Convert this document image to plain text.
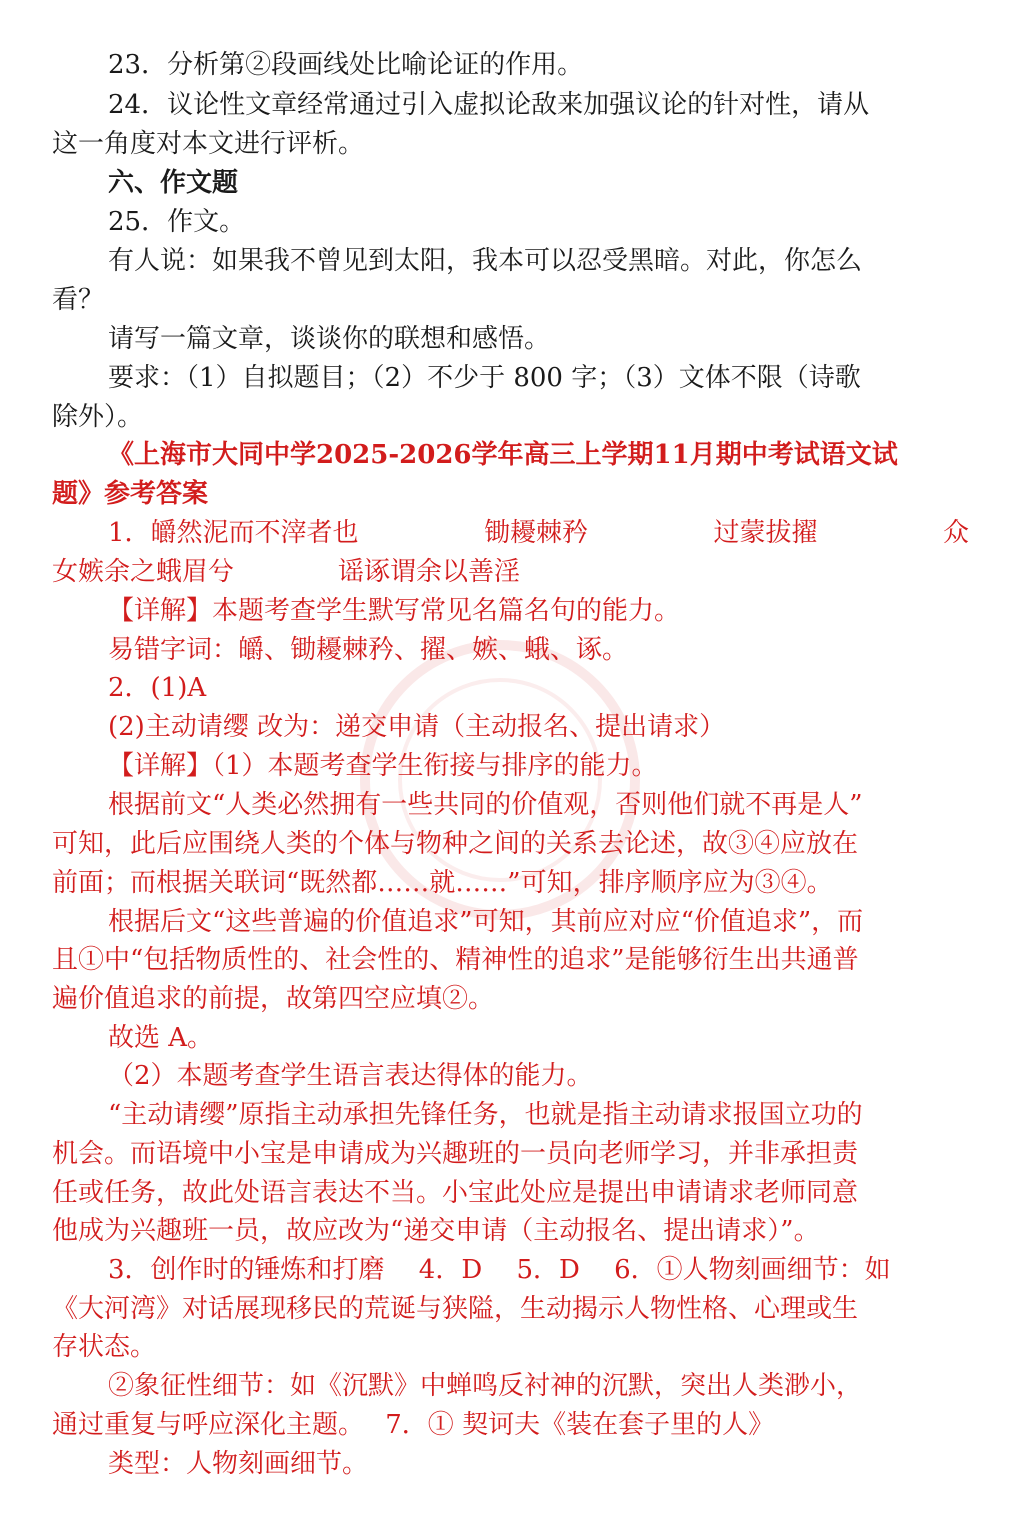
23．分析第②段画线处比喻论证的作用。
24．议论性文章经常通过引入虚拟论敌来加强议论的针对性，请从
这一角度对本文进行评析。
六、作文题
25．作文。
有人说：如果我不曾见到太阳，我本可以忍受黑暗。对此，你怎么
看？
请写一篇文章，谈谈你的联想和感悟。
要求：（1）自拟题目；（2）不少于 800 字；（3）文体不限（诗歌
除外）。
《上海市大同中学2025-2026学年高三上学期11月期中考试语文试
题》参考答案
1．皭然泥而不滓者也	锄耰棘矜	过蒙拔擢	众
女嫉余之蛾眉兮	谣诼谓余以善淫
【详解】本题考查学生默写常见名篇名句的能力。
易错字词：皭、锄耰棘矜、擢、嫉、蛾、诼。
2．(1)A
(2)主动请缨 改为：递交申请（主动报名、提出请求）
【详解】（1）本题考查学生衔接与排序的能力。
根据前文“人类必然拥有一些共同的价值观，否则他们就不再是人”
可知，此后应围绕人类的个体与物种之间的关系去论述，故③④应放在
前面；而根据关联词“既然都……就……”可知，排序顺序应为③④。
根据后文“这些普遍的价值追求”可知，其前应对应“价值追求”，而
且①中“包括物质性的、社会性的、精神性的追求”是能够衍生出共通普
遍价值追求的前提，故第四空应填②。
故选 A。
（2）本题考查学生语言表达得体的能力。
“主动请缨”原指主动承担先锋任务，也就是指主动请求报国立功的
机会。而语境中小宝是申请成为兴趣班的一员向老师学习，并非承担责
任或任务，故此处语言表达不当。小宝此处应是提出申请请求老师同意
他成为兴趣班一员，故应改为“递交申请（主动报名、提出请求）”。
3．创作时的锤炼和打磨　 4．D　 5．D　 6．①人物刻画细节：如
《大河湾》对话展现移民的荒诞与狭隘，生动揭示人物性格、心理或生
存状态。
②象征性细节：如《沉默》中蝉鸣反衬神的沉默，突出人类渺小，
通过重复与呼应深化主题。　 7．① 契诃夫《装在套子里的人》
类型：人物刻画细节。
